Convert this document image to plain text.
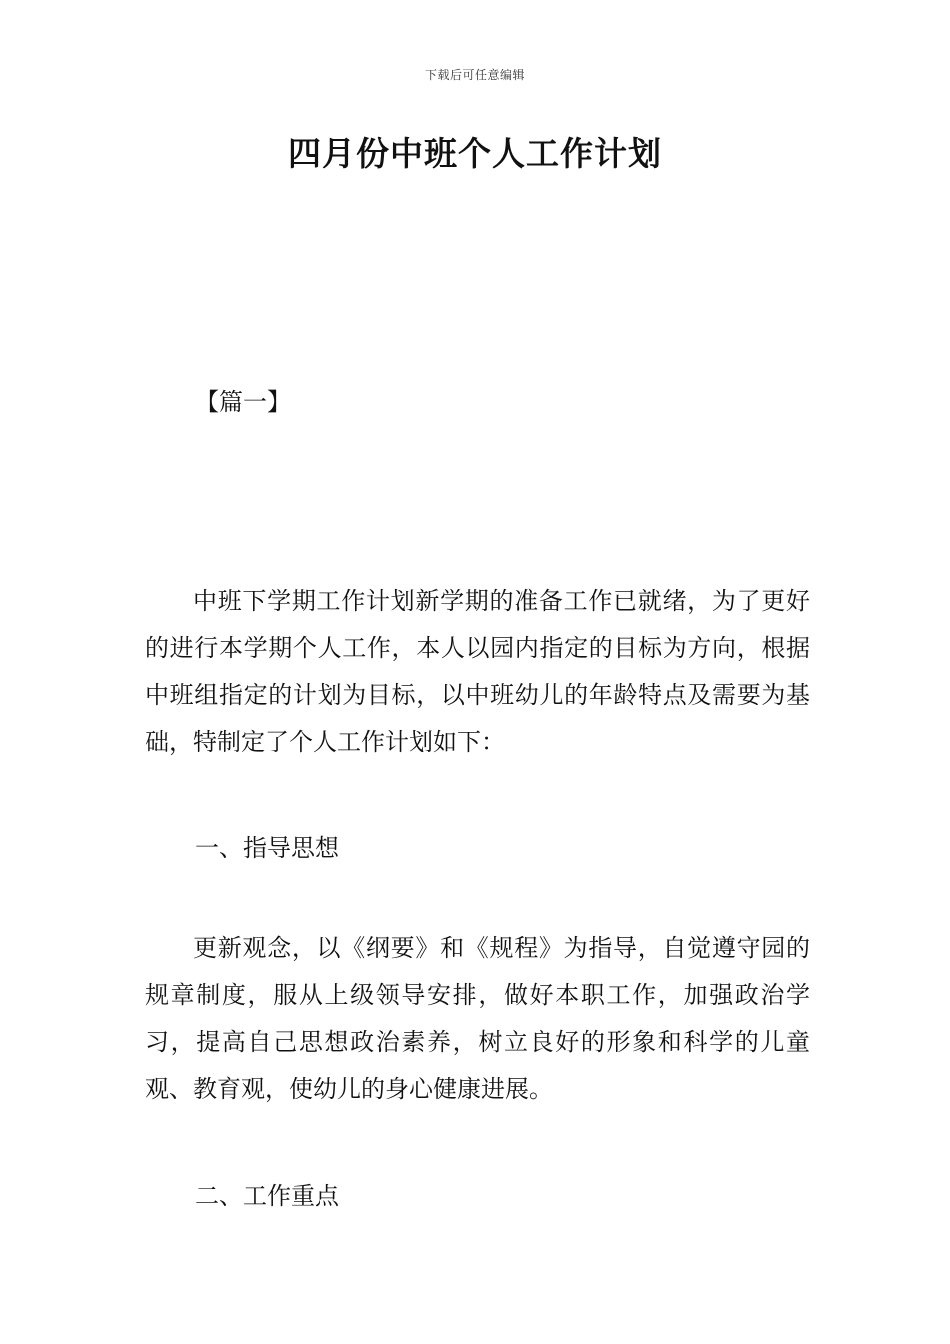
下载后可任意编辑
四月份中班个人工作计划
【篇一】

中班下学期工作计划新学期的准备工作已就绪，为了更好的进行本学期个人工作，本人以园内指定的目标为方向，根据中班组指定的计划为目标，以中班幼儿的年龄特点及需要为基础，特制定了个人工作计划如下：

一、指导思想

更新观念，以《纲要》和《规程》为指导，自觉遵守园的规章制度，服从上级领导安排，做好本职工作，加强政治学习，提高自己思想政治素养，树立良好的形象和科学的儿童观、教育观，使幼儿的身心健康进展。

二、工作重点
